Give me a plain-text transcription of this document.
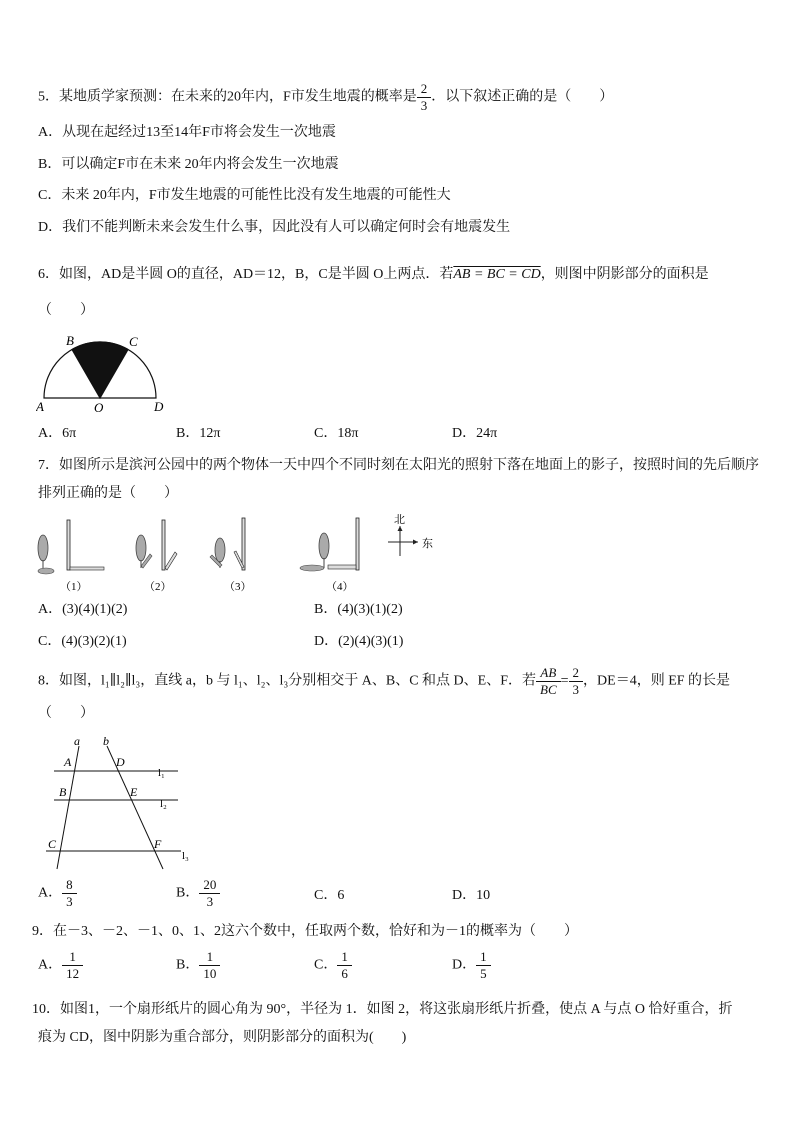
5．某地质学家预测：在未来的20年内，F市发生地震的概率是 $\frac{2}{3}$ ．以下叙述正确的是（　　）
A．从现在起经过13至14年F市将会发生一次地震
B．可以确定F市在未来 20年内将会发生一次地震
C．未来 20年内，F市发生地震的可能性比没有发生地震的可能性大
D．我们不能判断未来会发生什么事，因此没有人可以确定何时会有地震发生
6．如图，AD是半圆 O的直径，AD＝12，B，C是半圆 O上两点．若AB = BC = CD，则图中阴影部分的面积是
（　　）
A
B	C
O	D
A．6π	B．12π	C．18π	D．24π
7．如图所示是滨河公园中的两个物体一天中四个不同时刻在太阳光的照射下落在地面上的影子，按照时间的先后顺序
排列正确的是（　　）
（1）	（2）	（3）	（4）
北
东
A．(3)(4)(1)(2)	B．(4)(3)(1)(2)
C．(4)(3)(2)(1)	D．(2)(4)(3)(1)
8．如图，l₁∥l₂∥l₃，直线 a，b 与 l₁、l₂、l₃分别相交于 A、B、C 和点 D、E、F．若 $\frac{AB}{BC} = \frac{2}{3}$ ，DE＝4，则 EF 的长是
（　　）
a b
A	D
l₁
B	E
l₂
C	F
l₃
A． $\frac{8}{3}$	B． $\frac{20}{3}$	C．6	D．10
9．在－3、－2、－1、0、1、2这六个数中，任取两个数，恰好和为－1的概率为（　　）
A． $\frac{1}{12}$	B． $\frac{1}{10}$	C． $\frac{1}{6}$	D． $\frac{1}{5}$
10．如图1，一个扇形纸片的圆心角为 90°，半径为 1．如图 2，将这张扇形纸片折叠，使点 A 与点 O 恰好重合，折
痕为 CD，图中阴影为重合部分，则阴影部分的面积为(　　)
